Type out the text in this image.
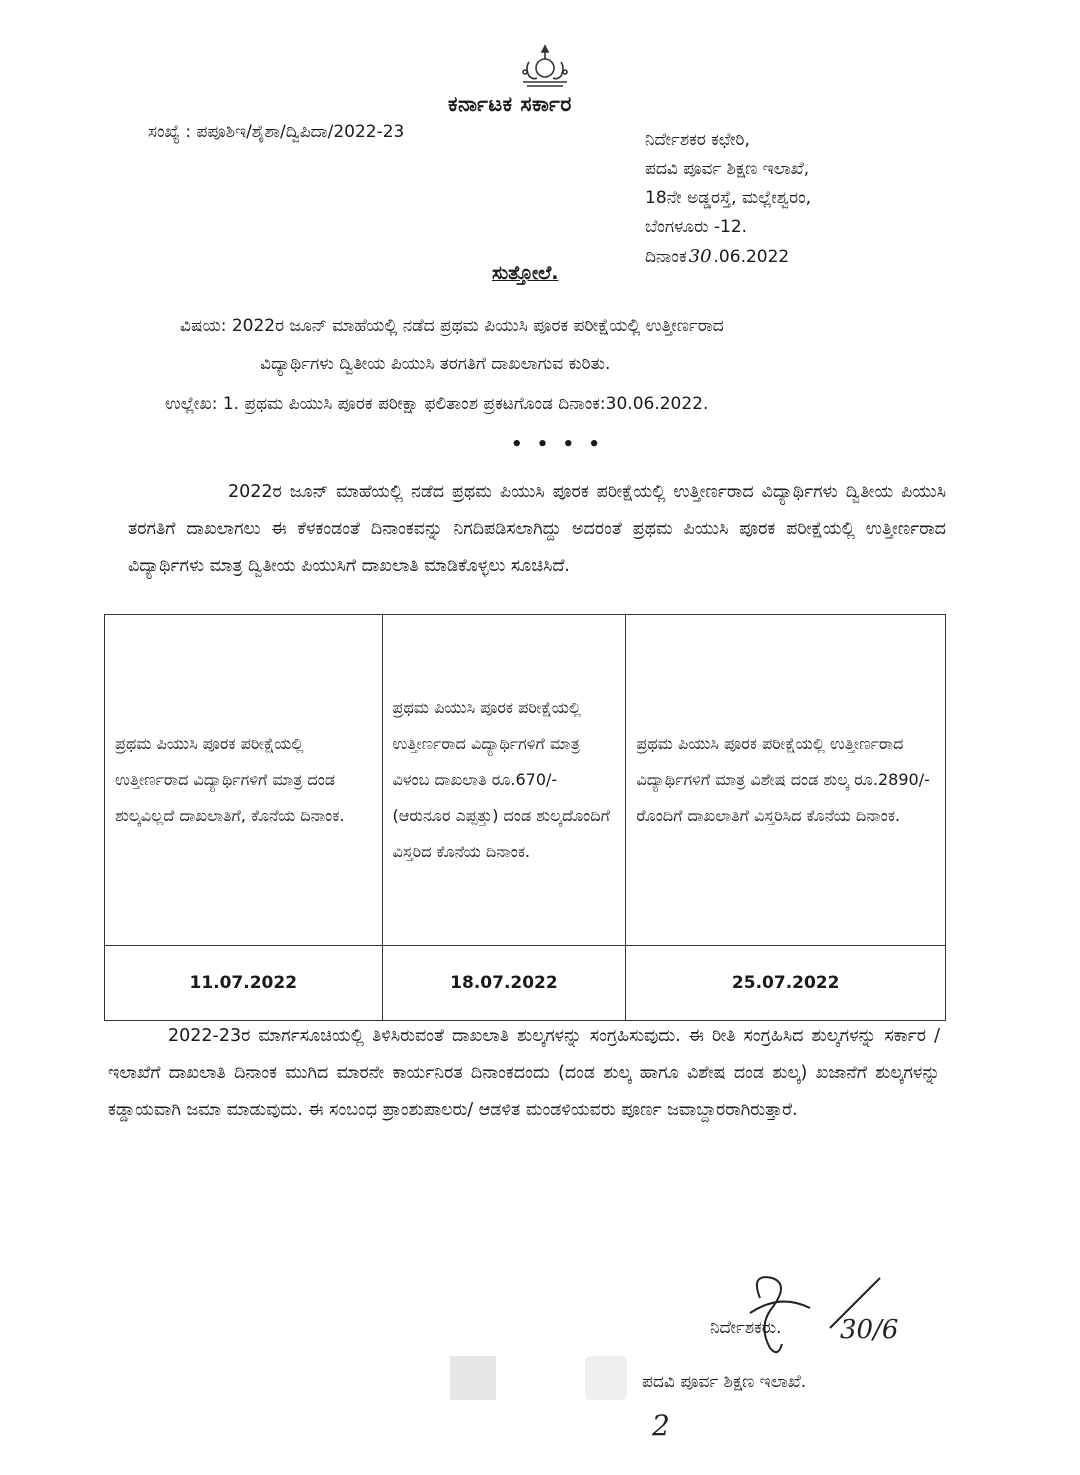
ಕರ್ನಾಟಕ ಸರ್ಕಾರ
ಸಂಖ್ಯೆ : ಪಪೂಶಿಇ/ಶೈಶಾ/ದ್ವಿಪಿದಾ/2022-23	ನಿರ್ದೇಶಕರ ಕಛೇರಿ,
ಪದವಿ ಪೂರ್ವ ಶಿಕ್ಷಣ ಇಲಾಖೆ,
18ನೇ ಅಡ್ಡರಸ್ತೆ, ಮಲ್ಲೇಶ್ವರಂ,
ಬೆಂಗಳೂರು -12.
ದಿನಾಂಕ 30 .06.2022
ಸುತ್ತೋಲೆ.
ವಿಷಯ: 2022ರ ಜೂನ್ ಮಾಹೆಯಲ್ಲಿ ನಡೆದ ಪ್ರಥಮ ಪಿಯುಸಿ ಪೂರಕ ಪರೀಕ್ಷೆಯಲ್ಲಿ ಉತ್ತೀರ್ಣರಾದ
ವಿದ್ಯಾರ್ಥಿಗಳು ದ್ವಿತೀಯ ಪಿಯುಸಿ ತರಗತಿಗೆ ದಾಖಲಾಗುವ ಕುರಿತು.
ಉಲ್ಲೇಖ: 1. ಪ್ರಥಮ ಪಿಯುಸಿ ಪೂರಕ ಪರೀಕ್ಷಾ ಫಲಿತಾಂಶ ಪ್ರಕಟಗೊಂಡ ದಿನಾಂಕ:30.06.2022.
• • • •
2022ರ ಜೂನ್ ಮಾಹೆಯಲ್ಲಿ ನಡೆದ ಪ್ರಥಮ ಪಿಯುಸಿ ಪೂರಕ ಪರೀಕ್ಷೆಯಲ್ಲಿ ಉತ್ತೀರ್ಣರಾದ ವಿದ್ಯಾರ್ಥಿಗಳು ದ್ವಿತೀಯ ಪಿಯುಸಿ ತರಗತಿಗೆ ದಾಖಲಾಗಲು ಈ ಕೆಳಕಂಡಂತೆ ದಿನಾಂಕವನ್ನು ನಿಗದಿಪಡಿಸಲಾಗಿದ್ದು ಅದರಂತೆ ಪ್ರಥಮ ಪಿಯುಸಿ ಪೂರಕ ಪರೀಕ್ಷೆಯಲ್ಲಿ ಉತ್ತೀರ್ಣರಾದ ವಿದ್ಯಾರ್ಥಿಗಳು ಮಾತ್ರ ದ್ವಿತೀಯ ಪಿಯುಸಿಗೆ ದಾಖಲಾತಿ ಮಾಡಿಕೊಳ್ಳಲು ಸೂಚಿಸಿದೆ.
ಪ್ರಥಮ ಪಿಯುಸಿ ಪೂರಕ ಪರೀಕ್ಷೆಯಲ್ಲಿ ಉತ್ತೀರ್ಣರಾದ ವಿದ್ಯಾರ್ಥಿಗಳಿಗೆ ಮಾತ್ರ ದಂಡ ಶುಲ್ಕವಿಲ್ಲದೆ ದಾಖಲಾತಿಗೆ, ಕೊನೆಯ ದಿನಾಂಕ.	ಪ್ರಥಮ ಪಿಯುಸಿ ಪೂರಕ ಪರೀಕ್ಷೆಯಲ್ಲಿ ಉತ್ತೀರ್ಣರಾದ ವಿದ್ಯಾರ್ಥಿಗಳಿಗೆ ಮಾತ್ರ ವಿಳಂಬ ದಾಖಲಾತಿ ರೂ.670/- (ಆರುನೂರ ಎಪ್ಪತ್ತು) ದಂಡ ಶುಲ್ಕದೊಂದಿಗೆ ವಿಸ್ತರಿದ ಕೊನೆಯ ದಿನಾಂಕ.	ಪ್ರಥಮ ಪಿಯುಸಿ ಪೂರಕ ಪರೀಕ್ಷೆಯಲ್ಲಿ ಉತ್ತೀರ್ಣರಾದ ವಿದ್ಯಾರ್ಥಿಗಳಿಗೆ ಮಾತ್ರ ವಿಶೇಷ ದಂಡ ಶುಲ್ಕ ರೂ.2890/-ರೊಂದಿಗೆ ದಾಖಲಾತಿಗೆ ವಿಸ್ತರಿಸಿದ ಕೊನೆಯ ದಿನಾಂಕ.
11.07.2022	18.07.2022	25.07.2022
2022-23ರ ಮಾರ್ಗಸೂಚಿಯಲ್ಲಿ ತಿಳಿಸಿರುವಂತೆ ದಾಖಲಾತಿ ಶುಲ್ಕಗಳನ್ನು ಸಂಗ್ರಹಿಸುವುದು. ಈ ರೀತಿ ಸಂಗ್ರಹಿಸಿದ ಶುಲ್ಕಗಳನ್ನು ಸರ್ಕಾರ /ಇಲಾಖೆಗೆ ದಾಖಲಾತಿ ದಿನಾಂಕ ಮುಗಿದ ಮಾರನೇ ಕಾರ್ಯನಿರತ ದಿನಾಂಕದಂದು (ದಂಡ ಶುಲ್ಕ ಹಾಗೂ ವಿಶೇಷ ದಂಡ ಶುಲ್ಕ) ಖಜಾನೆಗೆ ಶುಲ್ಕಗಳನ್ನು ಕಡ್ಡಾಯವಾಗಿ ಜಮಾ ಮಾಡುವುದು. ಈ ಸಂಬಂಧ ಪ್ರಾಂಶುಪಾಲರು/ ಆಡಳಿತ ಮಂಡಳಿಯವರು ಪೂರ್ಣ ಜವಾಬ್ದಾರರಾಗಿರುತ್ತಾರೆ.
30/6
ನಿರ್ದೇಶಕರು.
ಪದವಿ ಪೂರ್ವ ಶಿಕ್ಷಣ ಇಲಾಖೆ.
2
